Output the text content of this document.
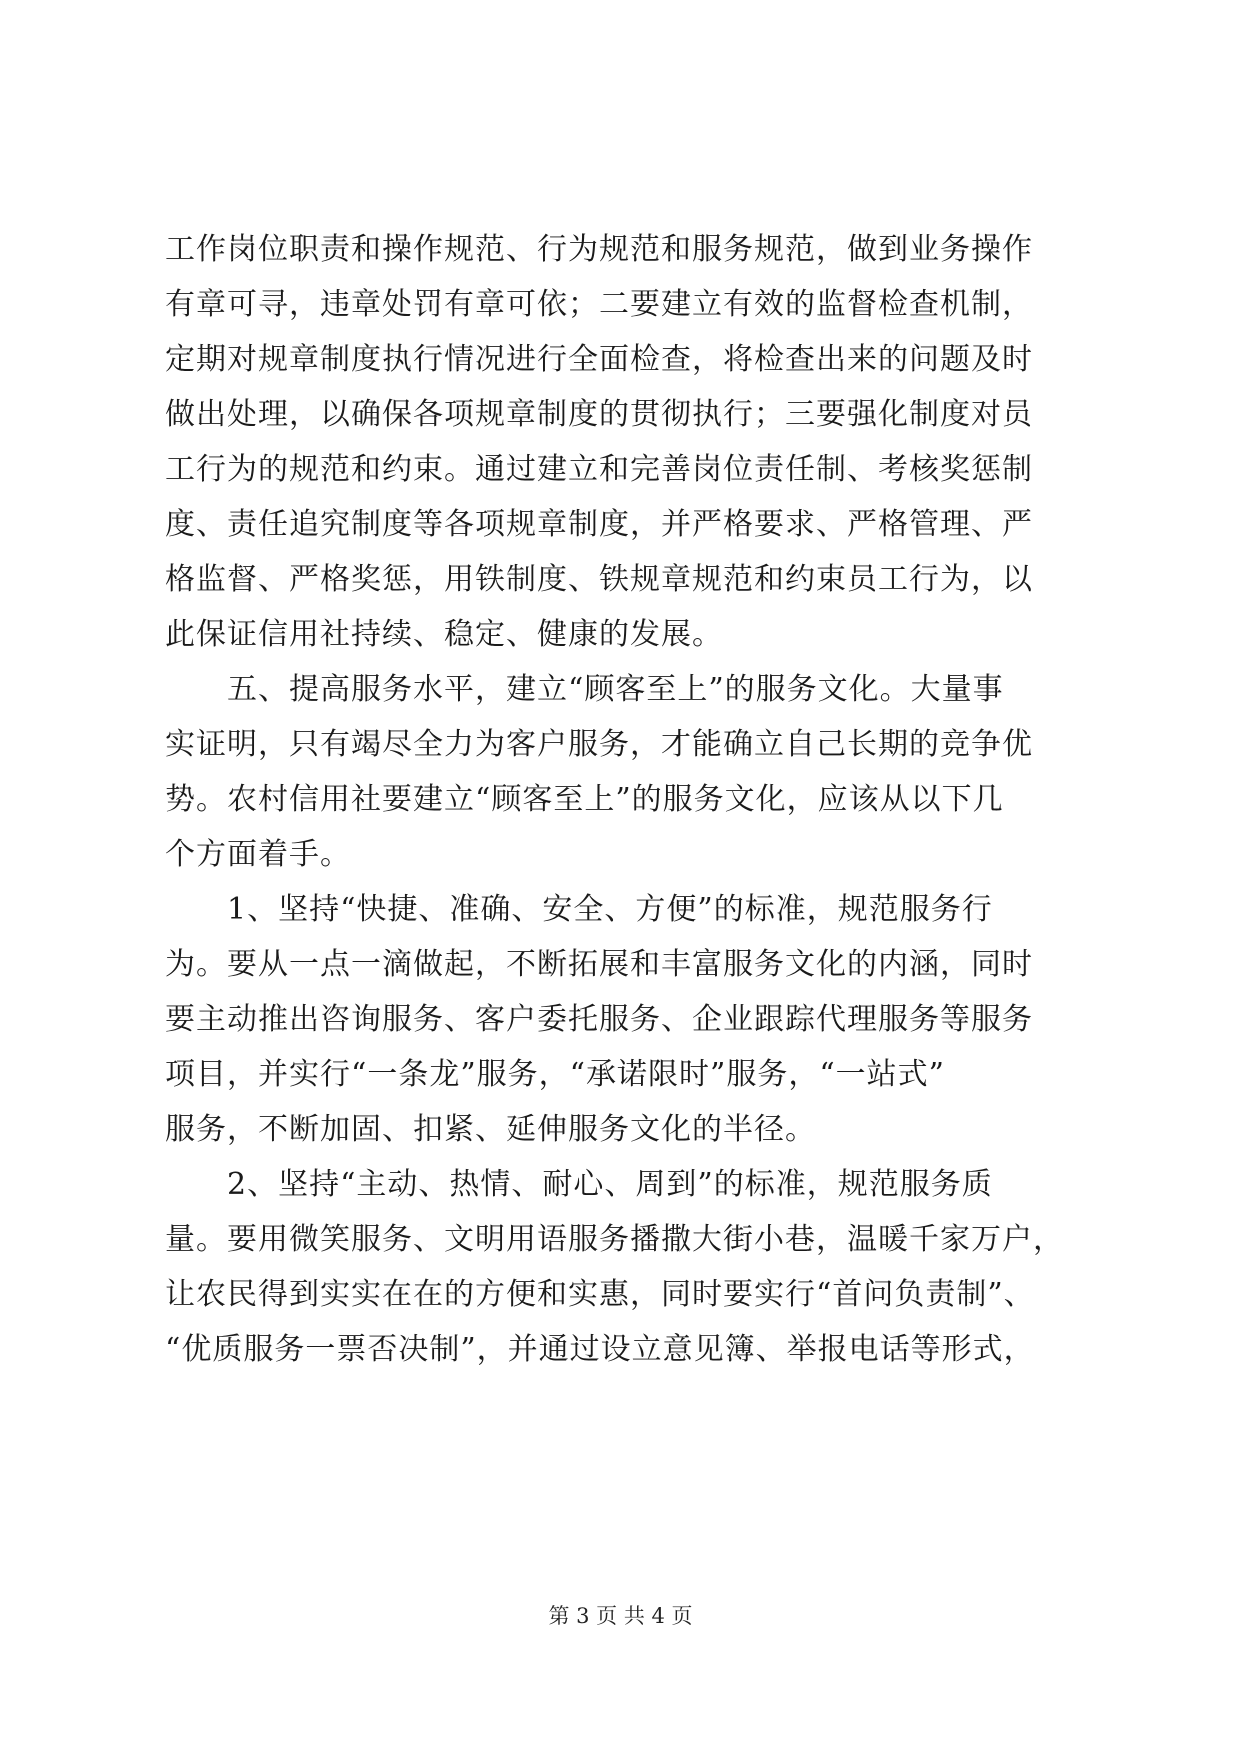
工作岗位职责和操作规范、行为规范和服务规范，做到业务操作
有章可寻，违章处罚有章可依；二要建立有效的监督检查机制，
定期对规章制度执行情况进行全面检查，将检查出来的问题及时
做出处理，以确保各项规章制度的贯彻执行；三要强化制度对员
工行为的规范和约束。通过建立和完善岗位责任制、考核奖惩制
度、责任追究制度等各项规章制度，并严格要求、严格管理、严
格监督、严格奖惩，用铁制度、铁规章规范和约束员工行为，以
此保证信用社持续、稳定、健康的发展。
　　五、提高服务水平，建立“顾客至上”的服务文化。大量事
实证明，只有竭尽全力为客户服务，才能确立自己长期的竞争优
势。农村信用社要建立“顾客至上”的服务文化，应该从以下几
个方面着手。
　　1、坚持“快捷、准确、安全、方便”的标准，规范服务行
为。要从一点一滴做起，不断拓展和丰富服务文化的内涵，同时
要主动推出咨询服务、客户委托服务、企业跟踪代理服务等服务
项目，并实行“一条龙”服务，“承诺限时”服务，“一站式”
服务，不断加固、扣紧、延伸服务文化的半径。
　　2、坚持“主动、热情、耐心、周到”的标准，规范服务质
量。要用微笑服务、文明用语服务播撒大街小巷，温暖千家万户，
让农民得到实实在在的方便和实惠，同时要实行“首问负责制”、
“优质服务一票否决制”，并通过设立意见簿、举报电话等形式，
第 3 页 共 4 页
